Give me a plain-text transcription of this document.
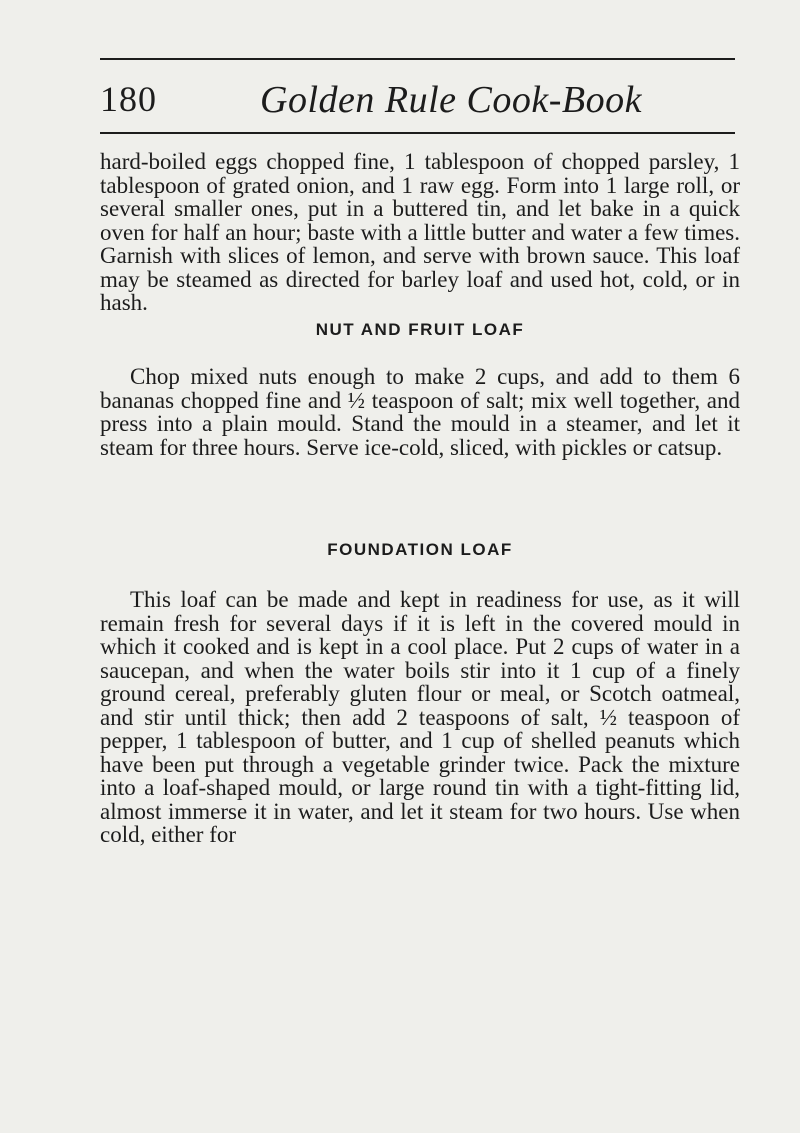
180	Golden Rule Cook-Book

hard-boiled eggs chopped fine, 1 tablespoon of chopped parsley, 1 tablespoon of grated onion, and 1 raw egg. Form into 1 large roll, or several smaller ones, put in a buttered tin, and let bake in a quick oven for half an hour; baste with a little butter and water a few times. Garnish with slices of lemon, and serve with brown sauce. This loaf may be steamed as directed for barley loaf and used hot, cold, or in hash.

NUT AND FRUIT LOAF

Chop mixed nuts enough to make 2 cups, and add to them 6 bananas chopped fine and ½ teaspoon of salt; mix well together, and press into a plain mould. Stand the mould in a steamer, and let it steam for three hours. Serve ice-cold, sliced, with pickles or catsup.

FOUNDATION LOAF

This loaf can be made and kept in readiness for use, as it will remain fresh for several days if it is left in the covered mould in which it cooked and is kept in a cool place. Put 2 cups of water in a saucepan, and when the water boils stir into it 1 cup of a finely ground cereal, preferably gluten flour or meal, or Scotch oatmeal, and stir until thick; then add 2 teaspoons of salt, ½ teaspoon of pepper, 1 tablespoon of butter, and 1 cup of shelled peanuts which have been put through a vegetable grinder twice. Pack the mixture into a loaf-shaped mould, or large round tin with a tight-fitting lid, almost immerse it in water, and let it steam for two hours. Use when cold, either for
